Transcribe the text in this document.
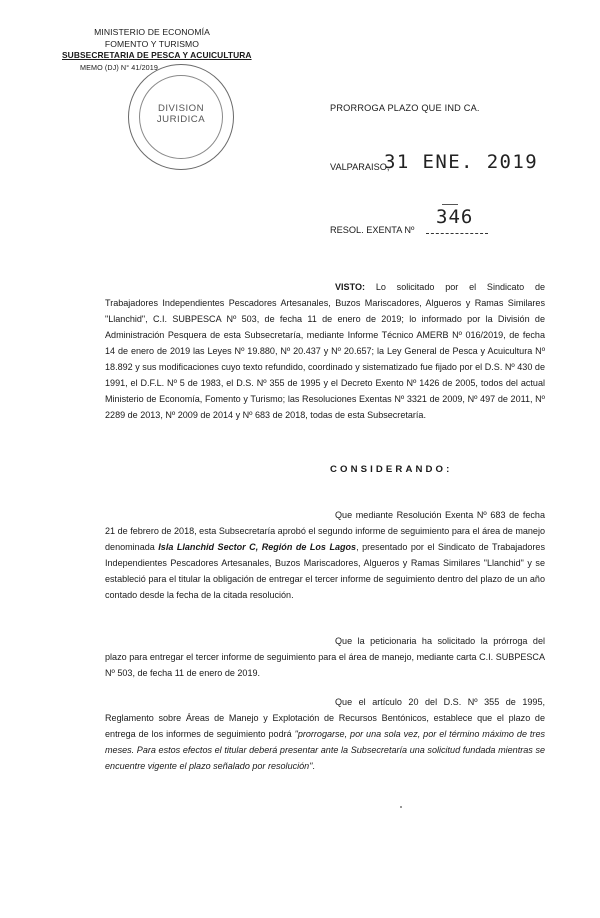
MINISTERIO DE ECONOMÍA
FOMENTO Y TURISMO
SUBSECRETARIA DE PESCA Y ACUICULTURA
MEMO (DJ) N° 41/2019
DIVISION
JURIDICA
PRORROGA PLAZO QUE IND CA.
VALPARAISO,
31 ENE. 2019
346
RESOL. EXENTA Nº
VISTO: Lo solicitado por el Sindicato de Trabajadores Independientes Pescadores Artesanales, Buzos Mariscadores, Algueros y Ramas Similares "Llanchid", C.I. SUBPESCA Nº 503, de fecha 11 de enero de 2019; lo informado por la División de Administración Pesquera de esta Subsecretaría, mediante Informe Técnico AMERB Nº 016/2019, de fecha 14 de enero de 2019 las Leyes Nº 19.880, Nº 20.437 y Nº 20.657; la Ley General de Pesca y Acuicultura Nº 18.892 y sus modificaciones cuyo texto refundido, coordinado y sistematizado fue fijado por el D.S. Nº 430 de 1991, el D.F.L. Nº 5 de 1983, el D.S. Nº 355 de 1995 y el Decreto Exento Nº 1426 de 2005, todos del actual Ministerio de Economía, Fomento y Turismo; las Resoluciones Exentas Nº 3321 de 2009, Nº 497 de 2011, Nº 2289 de 2013, Nº 2009 de 2014 y Nº 683 de 2018, todas de esta Subsecretaría.
CONSIDERANDO:
Que mediante Resolución Exenta Nº 683 de fecha 21 de febrero de 2018, esta Subsecretaría aprobó el segundo informe de seguimiento para el área de manejo denominada Isla Llanchid Sector C, Región de Los Lagos, presentado por el Sindicato de Trabajadores Independientes Pescadores Artesanales, Buzos Mariscadores, Algueros y Ramas Similares "Llanchid" y se estableció para el titular la obligación de entregar el tercer informe de seguimiento dentro del plazo de un año contado desde la fecha de la citada resolución.
Que la peticionaria ha solicitado la prórroga del plazo para entregar el tercer informe de seguimiento para el área de manejo, mediante carta C.I. SUBPESCA Nº 503, de fecha 11 de enero de 2019.
Que el artículo 20 del D.S. Nº 355 de 1995, Reglamento sobre Áreas de Manejo y Explotación de Recursos Bentónicos, establece que el plazo de entrega de los informes de seguimiento podrá "prorrogarse, por una sola vez, por el término máximo de tres meses. Para estos efectos el titular deberá presentar ante la Subsecretaría una solicitud fundada mientras se encuentre vigente el plazo señalado por resolución".
